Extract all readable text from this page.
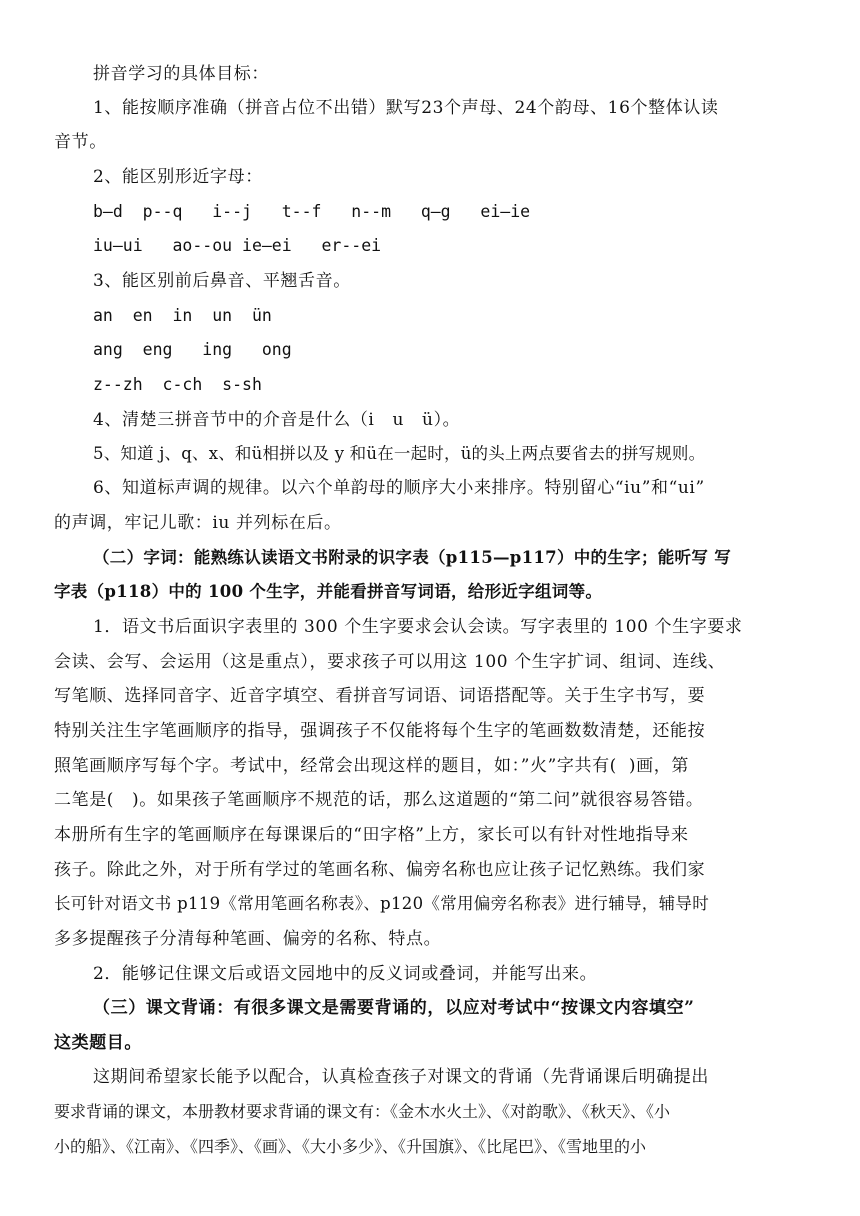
拼音学习的具体目标：

1、能按顺序准确（拼音占位不出错）默写23个声母、24个韵母、16个整体认读

音节。

2、能区别形近字母：

b—d  p--q   i--j   t--f   n--m   q—g   ei—ie

iu—ui   ao--ou ie—ei   er--ei

3、能区别前后鼻音、平翘舌音。

an  en  in  un  ün

ang  eng   ing   ong

z--zh  c-ch  s-sh

4、清楚三拼音节中的介音是什么（i   u   ü）。

5、知道 j、q、x、和ü相拼以及 y 和ü在一起时，ü的头上两点要省去的拼写规则。

6、知道标声调的规律。以六个单韵母的顺序大小来排序。特别留心“iu”和“ui”

的声调，牢记儿歌：iu 并列标在后。

（二）字词：能熟练认读语文书附录的识字表（p115—p117）中的生字；能听写 写

字表（p118）中的 100 个生字，并能看拼音写词语，给形近字组词等。

1．语文书后面识字表里的 300 个生字要求会认会读。写字表里的 100 个生字要求

会读、会写、会运用（这是重点），要求孩子可以用这 100 个生字扩词、组词、连线、

写笔顺、选择同音字、近音字填空、看拼音写词语、词语搭配等。关于生字书写，要

特别关注生字笔画顺序的指导，强调孩子不仅能将每个生字的笔画数数清楚，还能按

照笔画顺序写每个字。考试中，经常会出现这样的题目，如：”火”字共有(  )画，第

二笔是(   )。如果孩子笔画顺序不规范的话，那么这道题的“第二问”就很容易答错。

本册所有生字的笔画顺序在每课课后的“田字格”上方，家长可以有针对性地指导来

孩子。除此之外，对于所有学过的笔画名称、偏旁名称也应让孩子记忆熟练。我们家

长可针对语文书 p119《常用笔画名称表》、p120《常用偏旁名称表》进行辅导，辅导时

多多提醒孩子分清每种笔画、偏旁的名称、特点。

2．能够记住课文后或语文园地中的反义词或叠词，并能写出来。

（三）课文背诵：有很多课文是需要背诵的，以应对考试中“按课文内容填空”

这类题目。

这期间希望家长能予以配合，认真检查孩子对课文的背诵（先背诵课后明确提出

要求背诵的课文，本册教材要求背诵的课文有：《金木水火土》、《对韵歌》、《秋天》、《小

小的船》、《江南》、《四季》、《画》、《大小多少》、《升国旗》、《比尾巴》、《雪地里的小
